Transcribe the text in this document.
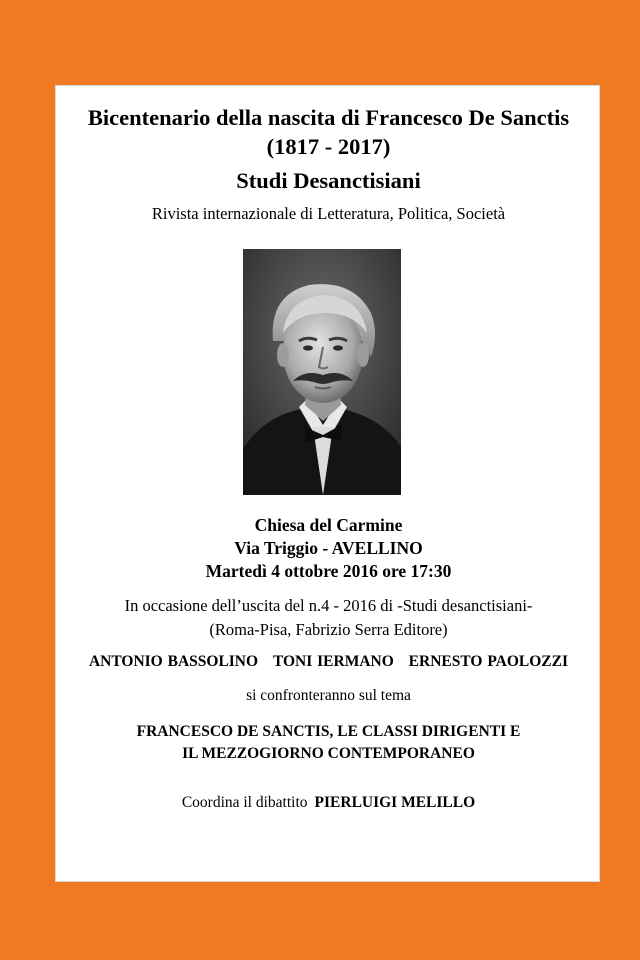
Bicentenario della nascita di Francesco De Sanctis
(1817 - 2017)
Studi Desanctisiani
Rivista internazionale di Letteratura, Politica, Società
Chiesa del Carmine
Via Triggio - AVELLINO
Martedì 4 ottobre 2016 ore 17:30
In occasione dell’uscita del n.4 - 2016 di -Studi desanctisiani-
(Roma-Pisa, Fabrizio Serra Editore)
ANTONIO BASSOLINO TONI IERMANO ERNESTO PAOLOZZI
si confronteranno sul tema
FRANCESCO DE SANCTIS, LE CLASSI DIRIGENTI E
IL MEZZOGIORNO CONTEMPORANEO
Coordina il dibattito PIERLUIGI MELILLO
